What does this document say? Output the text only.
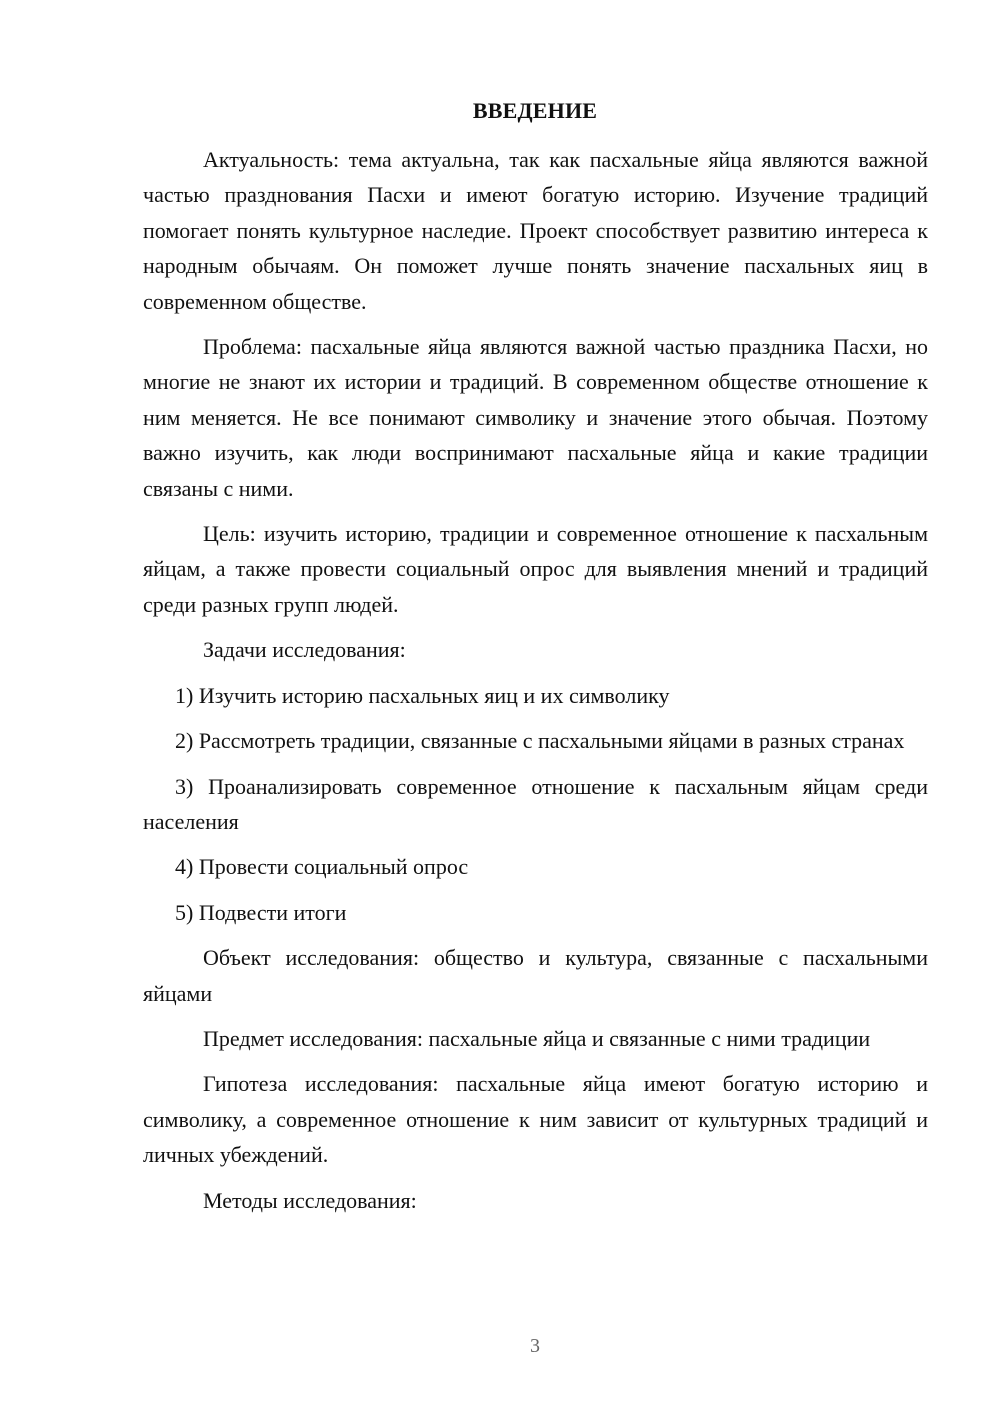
ВВЕДЕНИЕ

Актуальность: тема актуальна, так как пасхальные яйца являются важной частью празднования Пасхи и имеют богатую историю. Изучение традиций помогает понять культурное наследие. Проект способствует развитию интереса к народным обычаям. Он поможет лучше понять значение пасхальных яиц в современном обществе.

Проблема: пасхальные яйца являются важной частью праздника Пасхи, но многие не знают их истории и традиций. В современном обществе отношение к ним меняется. Не все понимают символику и значение этого обычая. Поэтому важно изучить, как люди воспринимают пасхальные яйца и какие традиции связаны с ними.

Цель: изучить историю, традиции и современное отношение к пасхальным яйцам, а также провести социальный опрос для выявления мнений и традиций среди разных групп людей.

Задачи исследования:

1) Изучить историю пасхальных яиц и их символику

2) Рассмотреть традиции, связанные с пасхальными яйцами в разных странах

3) Проанализировать современное отношение к пасхальным яйцам среди населения

4) Провести социальный опрос

5) Подвести итоги

Объект исследования: общество и культура, связанные с пасхальными яйцами

Предмет исследования: пасхальные яйца и связанные с ними традиции

Гипотеза исследования: пасхальные яйца имеют богатую историю и символику, а современное отношение к ним зависит от культурных традиций и личных убеждений.

Методы исследования:

3
